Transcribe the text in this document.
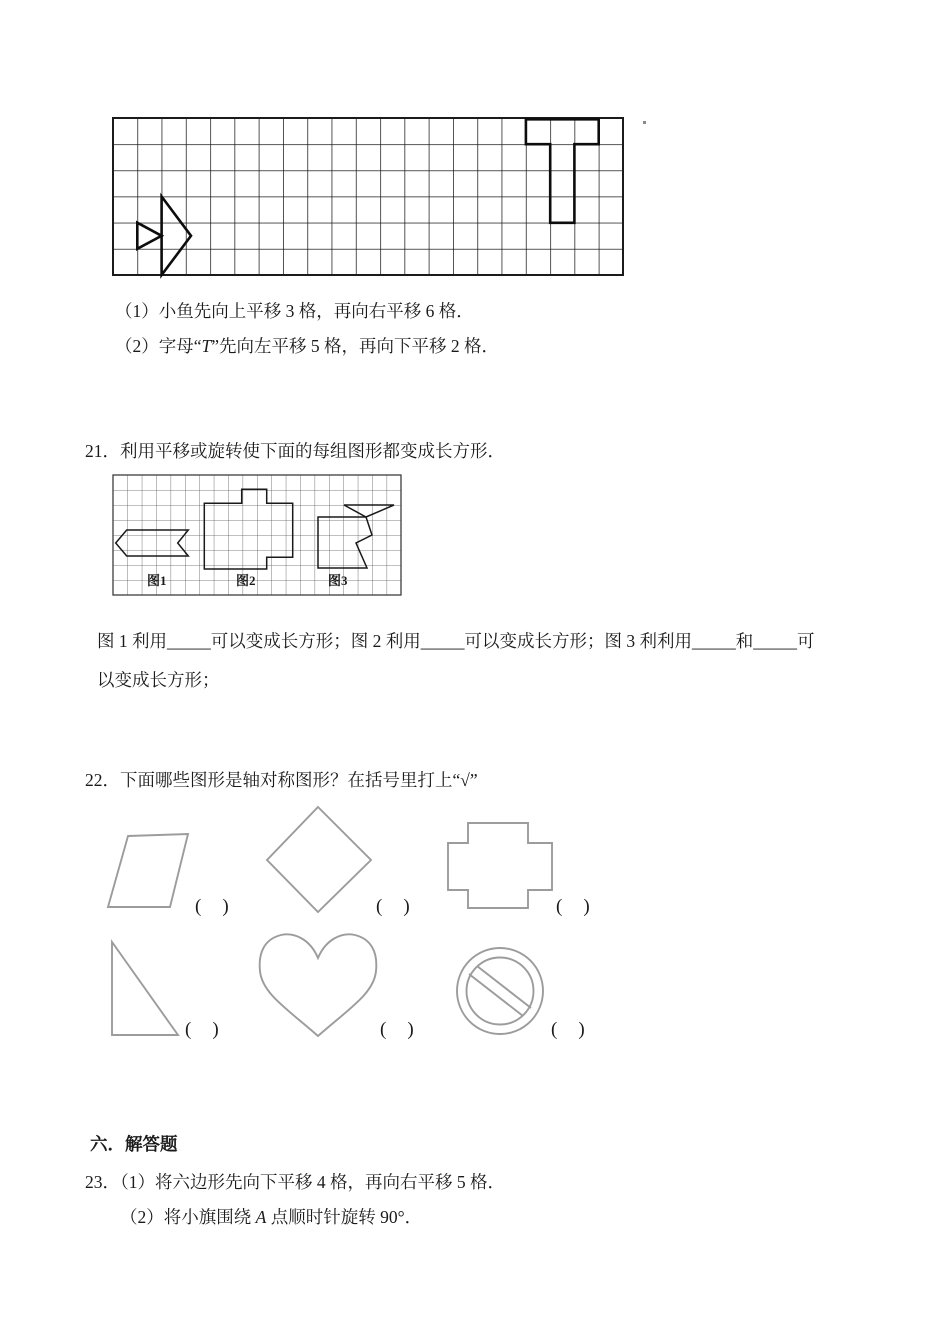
（1）小鱼先向上平移 3 格，再向右平移 6 格．
（2）字母“T”先向左平移 5 格，再向下平移 2 格．
21．利用平移或旋转使下面的每组图形都变成长方形．
图1	图2	图3
图 1 利用_____可以变成长方形；图 2 利用_____可以变成长方形；图 3 利利用_____和_____可
以变成长方形；
22．下面哪些图形是轴对称图形？在括号里打上“√”
(　)	(　)	(　)
(　)	(　)	(　)
六．解答题
23．（1）将六边形先向下平移 4 格，再向右平移 5 格．
（2）将小旗围绕 A 点顺时针旋转 90°．
